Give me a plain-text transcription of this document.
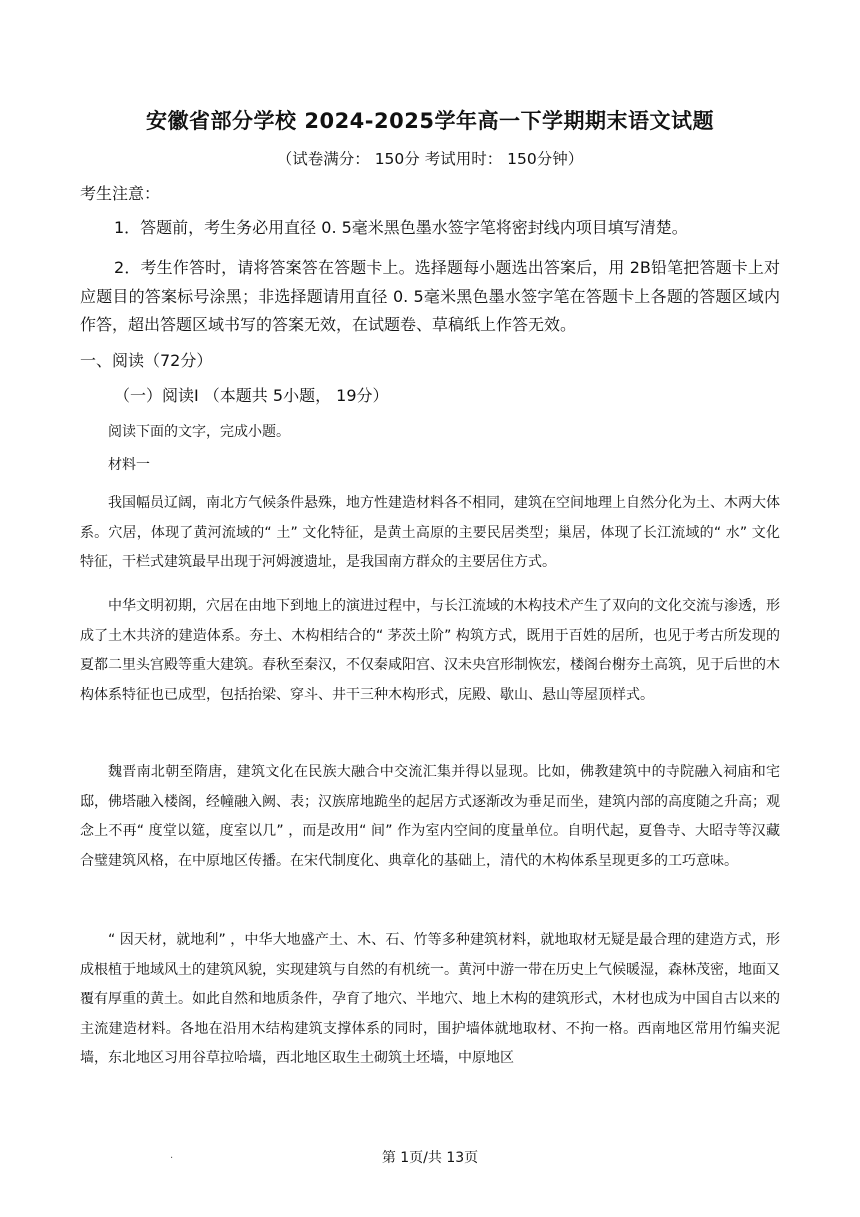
安徽省部分学校 2024-2025学年高一下学期期末语文试题
（试卷满分： 150分 考试用时： 150分钟）
考生注意：
1．答题前，考生务必用直径 0. 5毫米黑色墨水签字笔将密封线内项目填写清楚。
2．考生作答时，请将答案答在答题卡上。选择题每小题选出答案后，用 2B铅笔把答题卡上对应题目的答案标号涂黑；非选择题请用直径 0. 5毫米黑色墨水签字笔在答题卡上各题的答题区域内作答，超出答题区域书写的答案无效，在试题卷、草稿纸上作答无效。
一、阅读（72分）
（一）阅读Ⅰ （本题共 5小题， 19分）
阅读下面的文字，完成小题。
材料一
我国幅员辽阔，南北方气候条件悬殊，地方性建造材料各不相同，建筑在空间地理上自然分化为土、木两大体系。穴居，体现了黄河流域的“ 土” 文化特征，是黄土高原的主要民居类型；巢居，体现了长江流域的“ 水” 文化特征，干栏式建筑最早出现于河姆渡遗址，是我国南方群众的主要居住方式。
中华文明初期，穴居在由地下到地上的演进过程中，与长江流域的木构技术产生了双向的文化交流与渗透，形成了土木共济的建造体系。夯土、木构相结合的“ 茅茨土阶” 构筑方式，既用于百姓的居所，也见于考古所发现的夏都二里头宫殿等重大建筑。春秋至秦汉，不仅秦咸阳宫、汉未央宫形制恢宏，楼阁台榭夯土高筑，见于后世的木构体系特征也已成型，包括抬梁、穿斗、井干三种木构形式，庑殿、歇山、悬山等屋顶样式。
魏晋南北朝至隋唐，建筑文化在民族大融合中交流汇集并得以显现。比如，佛教建筑中的寺院融入祠庙和宅邸，佛塔融入楼阁，经幢融入阙、表；汉族席地跪坐的起居方式逐渐改为垂足而坐，建筑内部的高度随之升高；观念上不再“ 度堂以筵，度室以几” ，而是改用“ 间” 作为室内空间的度量单位。自明代起，夏鲁寺、大昭寺等汉藏合璧建筑风格，在中原地区传播。在宋代制度化、典章化的基础上，清代的木构体系呈现更多的工巧意味。
“ 因天材，就地利” ，中华大地盛产土、木、石、竹等多种建筑材料，就地取材无疑是最合理的建造方式，形成根植于地域风土的建筑风貌，实现建筑与自然的有机统一。黄河中游一带在历史上气候暖湿，森林茂密，地面又覆有厚重的黄土。如此自然和地质条件，孕育了地穴、半地穴、地上木构的建筑形式，木材也成为中国自古以来的主流建造材料。各地在沿用木结构建筑支撑体系的同时，围护墙体就地取材、不拘一格。西南地区常用竹编夹泥墙，东北地区习用谷草拉哈墙，西北地区取生土砌筑土坯墙，中原地区
.	第 1页/共 13页
